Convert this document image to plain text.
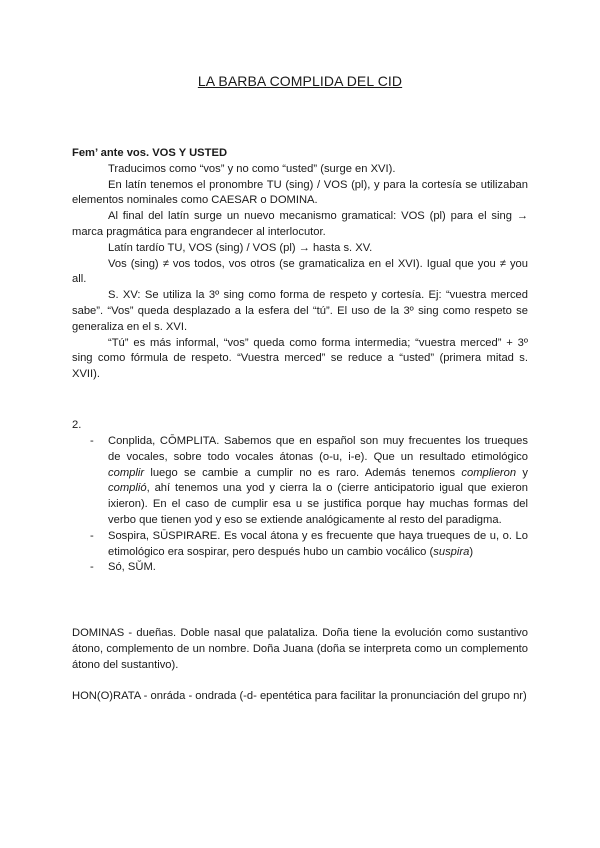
LA BARBA COMPLIDA DEL CID
Fem’ ante vos. VOS Y USTED

Traducimos como “vos” y no como “usted” (surge en XVI).

En latín tenemos el pronombre TU (sing) / VOS (pl), y para la cortesía se utilizaban elementos nominales como CAESAR o DOMINA.

Al final del latín surge un nuevo mecanismo gramatical: VOS (pl) para el sing → marca pragmática para engrandecer al interlocutor.

Latín tardío TU, VOS (sing) / VOS (pl) → hasta s. XV.

Vos (sing) ≠ vos todos, vos otros (se gramaticaliza en el XVI). Igual que you ≠ you all.

S. XV: Se utiliza la 3º sing como forma de respeto y cortesía. Ej: “vuestra merced sabe”. “Vos” queda desplazado a la esfera del “tú”. El uso de la 3º sing como respeto se generaliza en el s. XVI.

“Tú” es más informal, “vos” queda como forma intermedia; “vuestra merced” + 3º sing como fórmula de respeto. “Vuestra merced” se reduce a “usted” (primera mitad s. XVII).

2.
- Conplida, CŌMPLITA. Sabemos que en español son muy frecuentes los trueques de vocales, sobre todo vocales átonas (o-u, i-e). Que un resultado etimológico complir luego se cambie a cumplir no es raro. Además tenemos complieron y complió, ahí tenemos una yod y cierra la o (cierre anticipatorio igual que exieron ixieron). En el caso de cumplir esa u se justifica porque hay muchas formas del verbo que tienen yod y eso se extiende analógicamente al resto del paradigma.
- Sospira, SŪSPIRARE. Es vocal átona y es frecuente que haya trueques de u, o. Lo etimológico era sospirar, pero después hubo un cambio vocálico (suspira)
- Só, SŬM.

DOMINAS - dueñas. Doble nasal que palataliza. Doña tiene la evolución como sustantivo átono, complemento de un nombre. Doña Juana (doña se interpreta como un complemento átono del sustantivo).

HON(O)RATA - onráda - ondrada (-d- epentética para facilitar la pronunciación del grupo nr)
